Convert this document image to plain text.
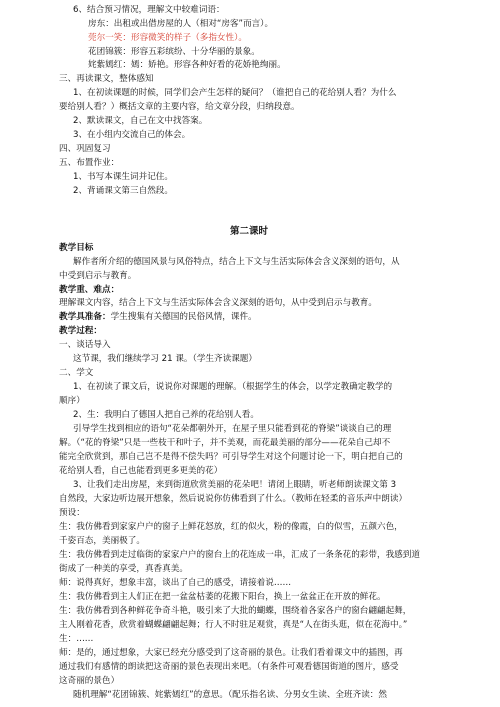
6、结合预习情况，理解文中较难词语：
房东：出租或出借房屋的人（相对“房客”而言）。
莞尔一笑：形容微笑的样子（多指女性）。
花团锦簇：形容五彩缤纷、十分华丽的景象。
姹紫嫣红：嫣：娇艳。形容各种好看的花娇艳绚丽。
三、再读课文，整体感知
1、在初读课题的时候，同学们会产生怎样的疑问？（谁把自己的花给别人看？为什么
要给别人看？）概括文章的主要内容，给文章分段，归纳段意。
2、默读课文，自己在文中找答案。
3、在小组内交流自己的体会。
四、巩固复习
五、布置作业：
1、书写本课生词并记住。
2、背诵课文第三自然段。
第二课时
教学目标
解作者所介绍的德国风景与风俗特点，结合上下文与生活实际体会含义深刻的语句，从
中受到启示与教育。
教学重、难点：
理解课文内容，结合上下文与生活实际体会含义深刻的语句，从中受到启示与教育。
教学具准备：学生搜集有关德国的民俗风情，课件。
教学过程：
一、谈话导入
这节课，我们继续学习 21 课。（学生齐读课题）
二、学文
1、在初读了课文后，说说你对课题的理解。（根据学生的体会，以学定教确定教学的
顺序）
2、生：我明白了德国人把自己养的花给别人看。
引导学生找到相应的语句“花朵都朝外开，在屋子里只能看到花的脊梁”谈谈自己的理
解。（“花的脊梁”只是一些枝干和叶子，并不美观，而花最美丽的部分——花朵自己却不
能完全欣赏到，那自己岂不是得不偿失吗？可引导学生对这个问题讨论一下，明白把自己的
花给别人看，自己也能看到更多更美的花）
3、让我们走出房屋，来到街道欣赏美丽的花朵吧！请闭上眼睛，听老师朗读课文第 3
自然段，大家边听边展开想象，然后说说你仿佛看到了什么。（教师在轻柔的音乐声中朗读）
预设：
生：我仿佛看到家家户户的窗子上鲜花怒放，红的似火，粉的像霞，白的似雪，五颜六色，
千姿百态，美丽极了。
生：我仿佛看到走过临街的家家户户的窗台上的花连成一串，汇成了一条条花的彩带，我感到道
街成了一种美的享受，真香真美。
师：说得真好，想象丰富，谈出了自己的感受，请接着说……
生：我仿佛看到主人们正在把一盆盆枯萎的花搬下阳台，换上一盆盆正在开放的鲜花。
生：我仿佛看到各种鲜花争奇斗艳，吸引来了大批的蝴蝶，围绕着各家各户的窗台翩翩起舞，
主人刚着花香，欣赏着蝴蝶翩翩起舞；行人不时驻足观赏，真是“人在街头逛，似在花海中。”
生：……
师：是的，通过想象，大家已经充分感受到了这奇丽的景色。让我们看着课文中的插图，再
通过我们有感情的朗读把这奇丽的景色表现出来吧。（有条件可观看德国街道的图片，感受
这奇丽的景色）
随机理解“花团锦簇、姹紫嫣红”的意思。（配乐指名读、分男女生读、全班齐读：然
